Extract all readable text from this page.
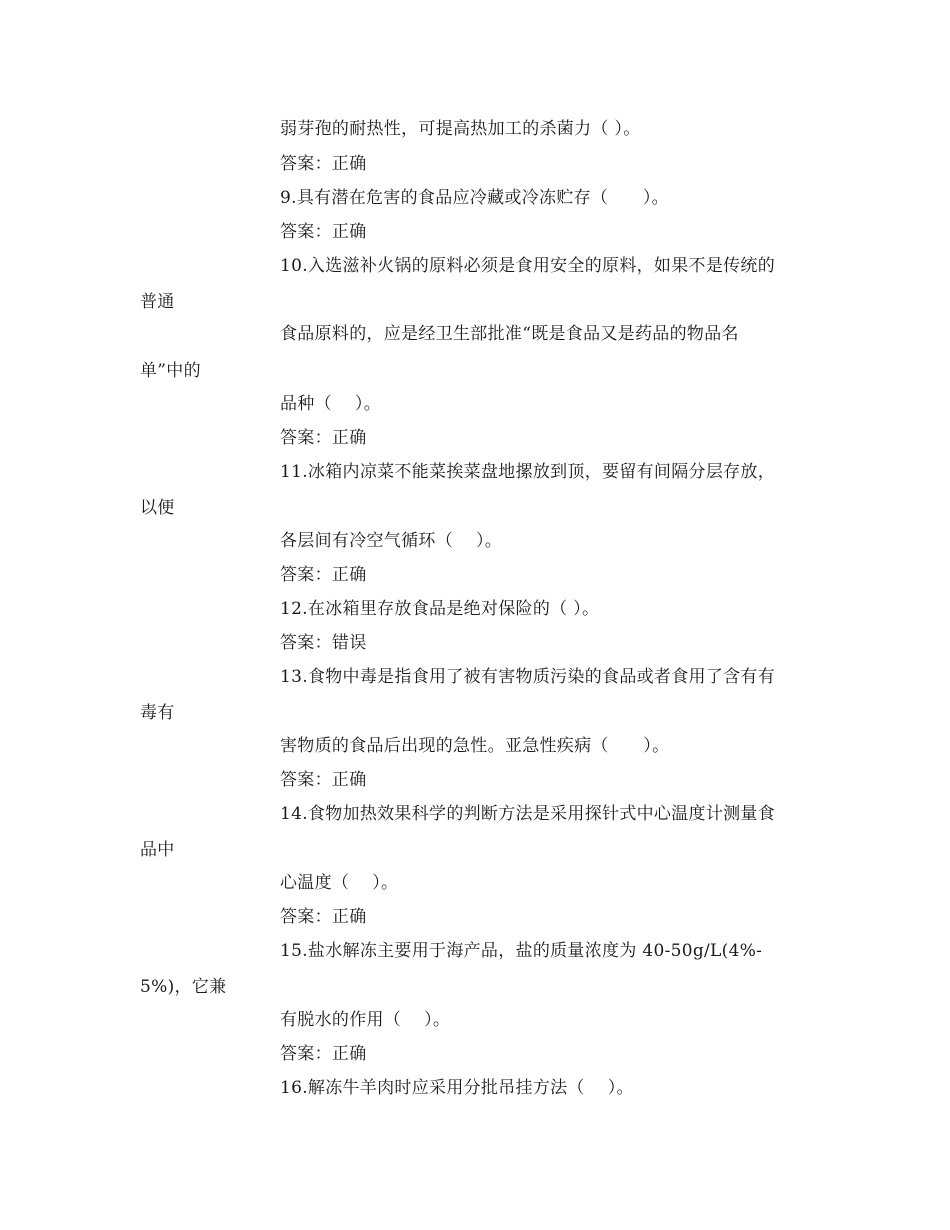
弱芽孢的耐热性，可提高热加工的杀菌力（ ）。
答案：正确
9.具有潜在危害的食品应冷藏或冷冻贮存（　　）。
答案：正确
10.入选滋补火锅的原料必须是食用安全的原料，如果不是传统的
普通
食品原料的，应是经卫生部批准“既是食品又是药品的物品名
单”中的
品种（　 ）。
答案：正确
11.冰箱内凉菜不能菜挨菜盘地摞放到顶，要留有间隔分层存放，
以便
各层间有冷空气循环（　 ）。
答案：正确
12.在冰箱里存放食品是绝对保险的（ ）。
答案：错误
13.食物中毒是指食用了被有害物质污染的食品或者食用了含有有
毒有
害物质的食品后出现的急性。亚急性疾病（　　）。
答案：正确
14.食物加热效果科学的判断方法是采用探针式中心温度计测量食
品中
心温度（　 ）。
答案：正确
15.盐水解冻主要用于海产品，盐的质量浓度为 40-50g/L(4%-
5%)，它兼
有脱水的作用（　 ）。
答案：正确
16.解冻牛羊肉时应采用分批吊挂方法（　 ）。
